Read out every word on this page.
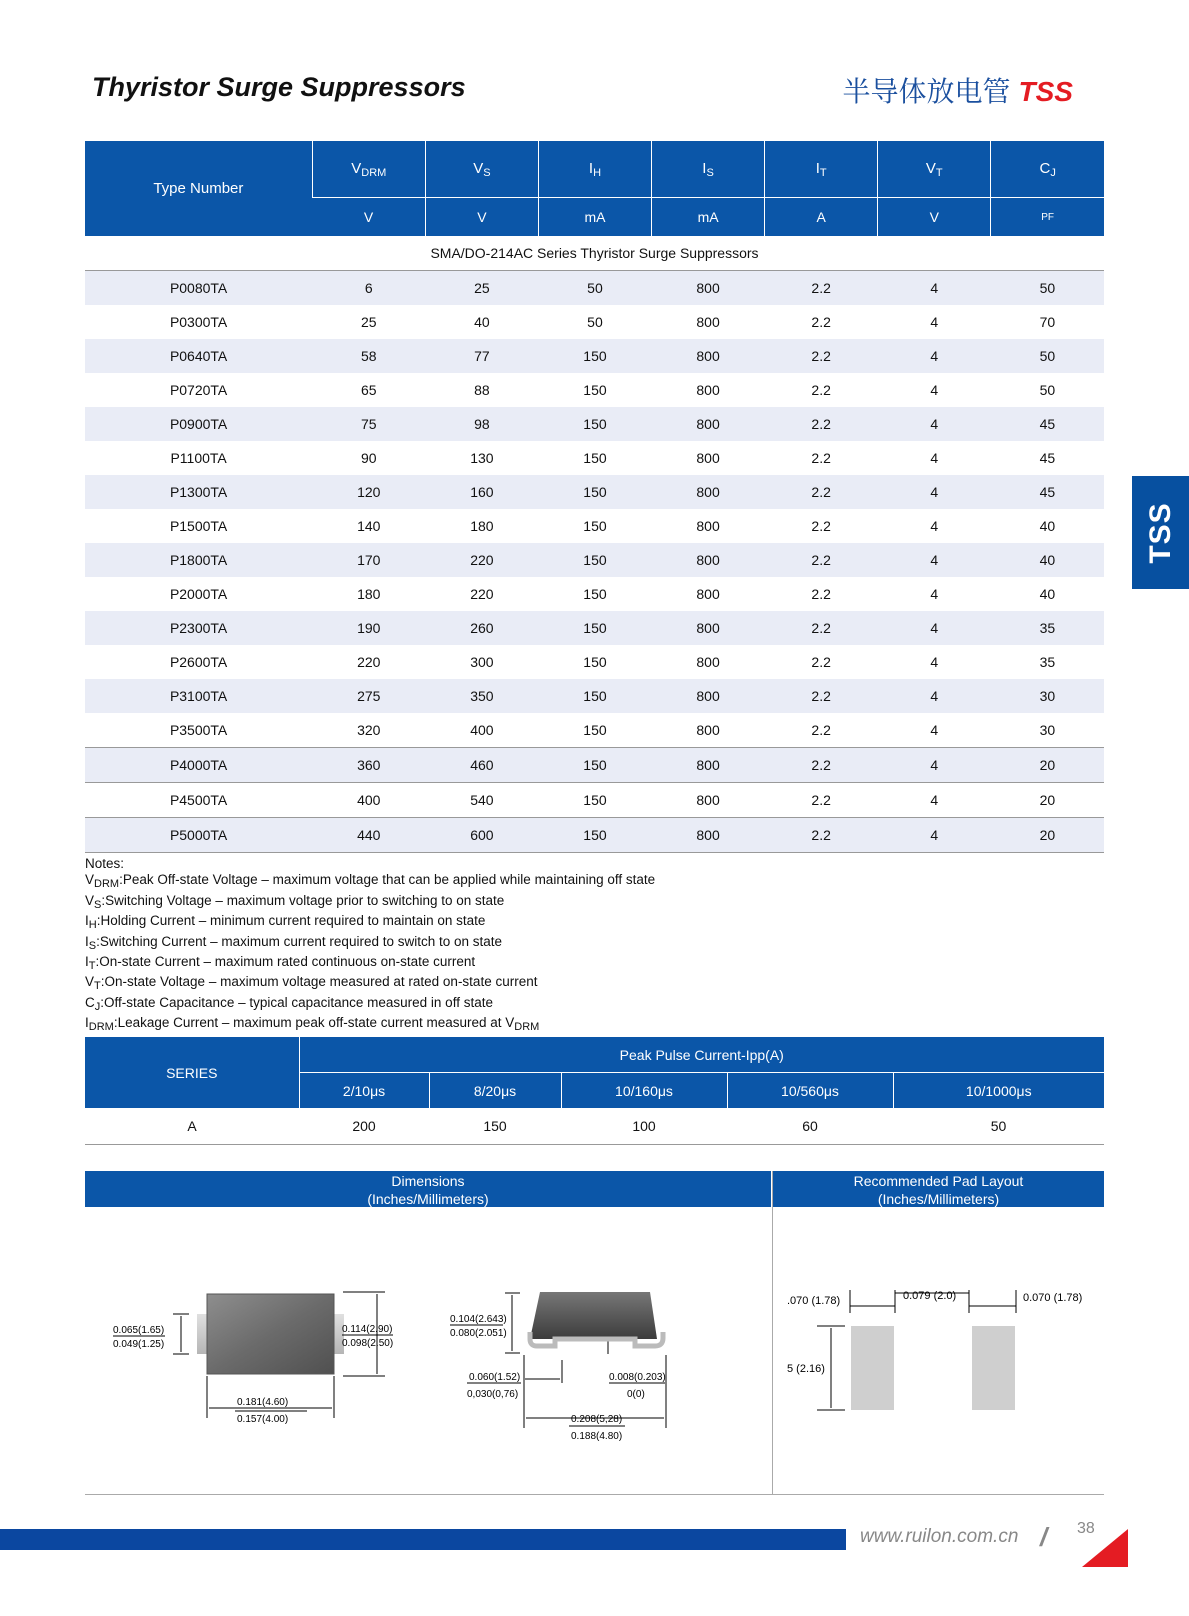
Thyristor Surge Suppressors	半导体放电管 TSS
TSS
Type Number	$V_{DRM}$	$V_S$	$I_H$	$I_S$	$I_T$	$V_T$	$C_J$
	V	V	mA	mA	A	V	PF
SMA/DO-214AC Series Thyristor Surge Suppressors							
P0080TA	6	25	50	800	2.2	4	50
P0300TA	25	40	50	800	2.2	4	70
P0640TA	58	77	150	800	2.2	4	50
P0720TA	65	88	150	800	2.2	4	50
P0900TA	75	98	150	800	2.2	4	45
P1100TA	90	130	150	800	2.2	4	45
P1300TA	120	160	150	800	2.2	4	45
P1500TA	140	180	150	800	2.2	4	40
P1800TA	170	220	150	800	2.2	4	40
P2000TA	180	220	150	800	2.2	4	40
P2300TA	190	260	150	800	2.2	4	35
P2600TA	220	300	150	800	2.2	4	35
P3100TA	275	350	150	800	2.2	4	30
P3500TA	320	400	150	800	2.2	4	30
P4000TA	360	460	150	800	2.2	4	20
P4500TA	400	540	150	800	2.2	4	20
P5000TA	440	600	150	800	2.2	4	20
Notes:
$V_{DRM}:Peak$ Off-state Voltage – maximum voltage that can be applied while maintaining off state
$V_S:Switching$ Voltage – maximum voltage prior to switching to on state
$I_H:Holding$ Current – minimum current required to maintain on state
$I_S:Switching$ Current – maximum current required to switch to on state
$I_T:On$-state Current – maximum rated continuous on-state current
$V_T:On$-state Voltage – maximum voltage measured at rated on-state current
$C_J:Off$-state Capacitance – typical capacitance measured in off state
$I_{DRM}:Leakage$ Current – maximum peak off-state current measured at $V_{DRM}$
SERIES	Peak Pulse Current-Ipp(A)				
	2/10μs	8/20μs	10/160μs	10/560μs	10/1000μs
A	200	150	100	60	50
Dimensions
(Inches/Millimeters)
Recommended Pad Layout
(Inches/Millimeters)
0.065(1.65)
0.049(1.25)
0.114(2.90)
0.098(2.50)
0.181(4.60)
0.157(4.00)
0.104(2.643)
0.080(2.051)
0.060(1.52)
0,030(0,76)
0.008(0.203)
0(0)
0.208(5,28)
0.188(4.80)
.070 (1.78)	0.079 (2.0)	0.070 (1.78)
5 (2.16)
www.ruilon.com.cn / 38
